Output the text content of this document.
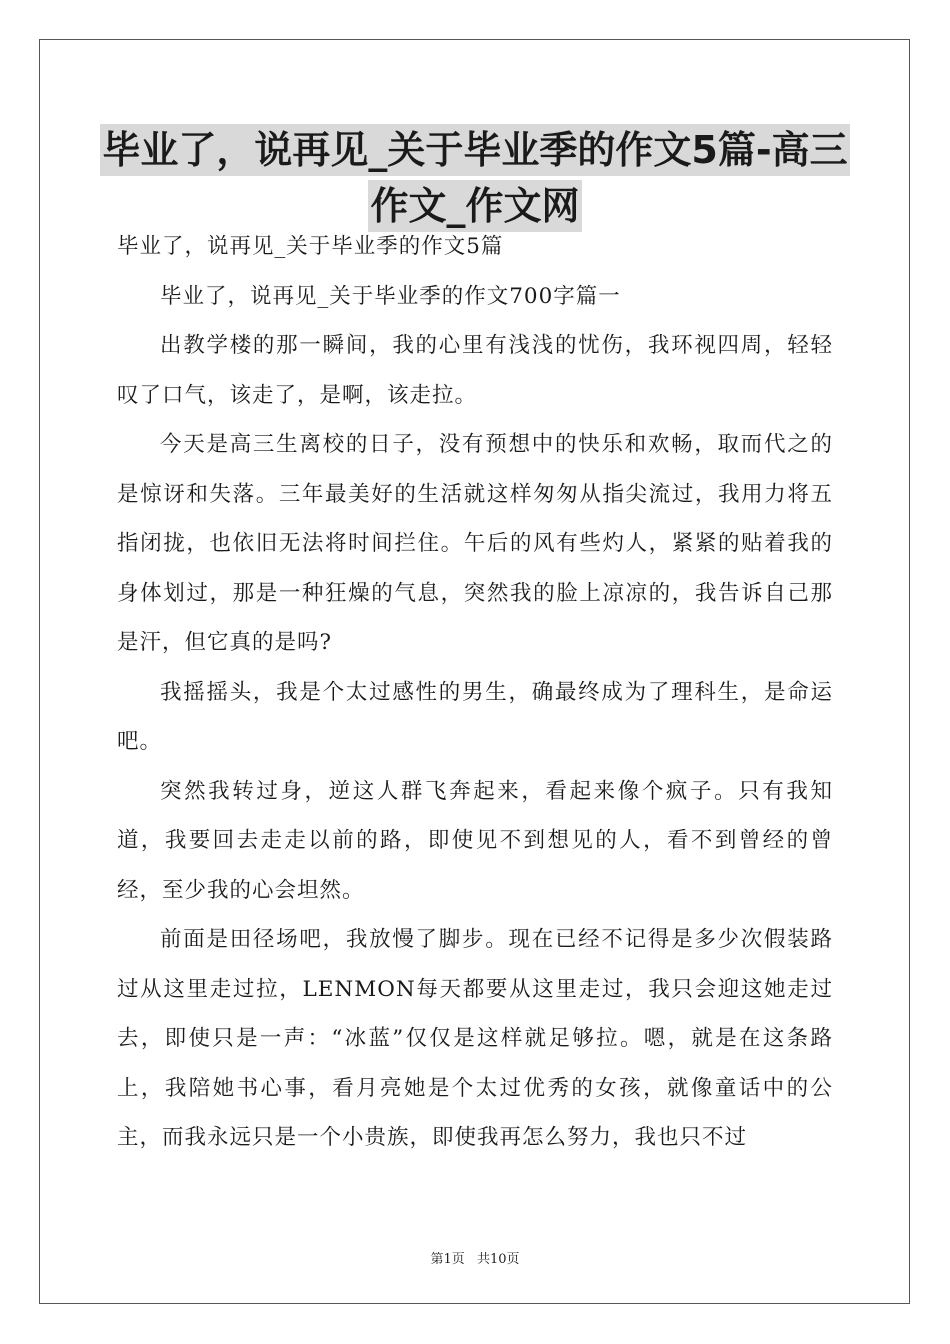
毕业了，说再见_关于毕业季的作文5篇-高三
作文_作文网

毕业了，说再见_关于毕业季的作文5篇

毕业了，说再见_关于毕业季的作文700字篇一

出教学楼的那一瞬间，我的心里有浅浅的忧伤，我环视四周，轻轻叹了口气，该走了，是啊，该走拉。

今天是高三生离校的日子，没有预想中的快乐和欢畅，取而代之的是惊讶和失落。三年最美好的生活就这样匆匆从指尖流过，我用力将五指闭拢，也依旧无法将时间拦住。午后的风有些灼人，紧紧的贴着我的身体划过，那是一种狂燥的气息，突然我的脸上凉凉的，我告诉自己那是汗，但它真的是吗?

我摇摇头，我是个太过感性的男生，确最终成为了理科生，是命运吧。

突然我转过身，逆这人群飞奔起来，看起来像个疯子。只有我知道，我要回去走走以前的路，即使见不到想见的人，看不到曾经的曾经，至少我的心会坦然。

前面是田径场吧，我放慢了脚步。现在已经不记得是多少次假装路过从这里走过拉，LENMON每天都要从这里走过，我只会迎这她走过去，即使只是一声：“冰蓝”仅仅是这样就足够拉。嗯，就是在这条路上，我陪她书心事，看月亮她是个太过优秀的女孩，就像童话中的公主，而我永远只是一个小贵族，即使我再怎么努力，我也只不过

第1页 共10页
